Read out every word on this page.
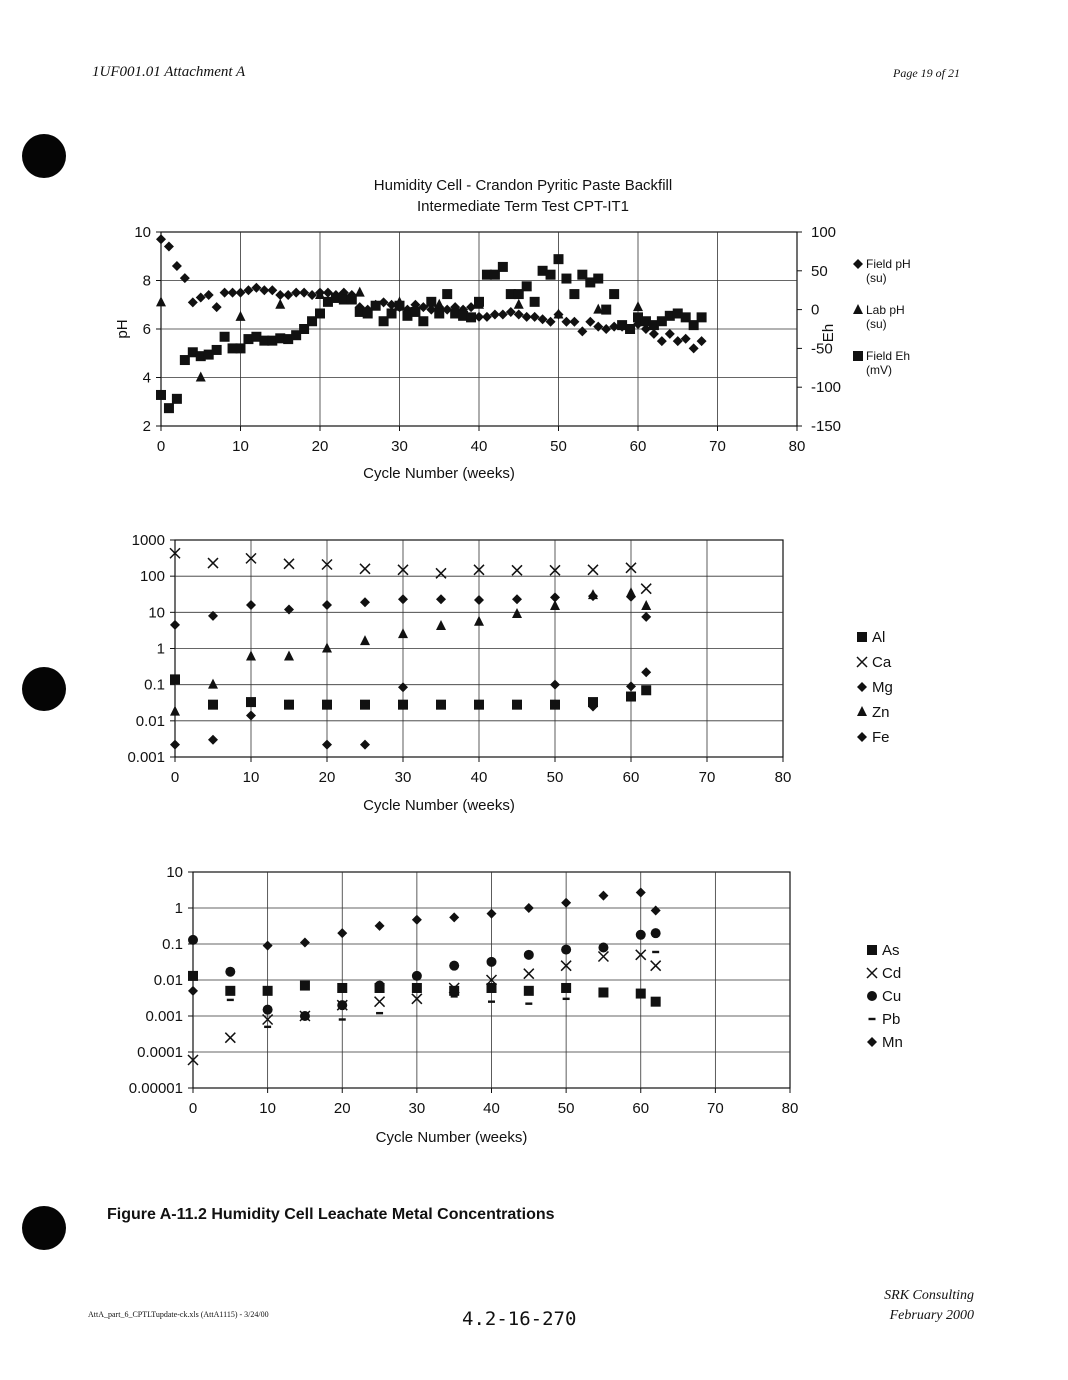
1UF001.01 Attachment A	Page 19 of 21
0	10	20	30	40	50	60	70	80
2
4
6
8
10
-150
-100
-50
0
50
100
Humidity Cell - Crandon Pyritic Paste Backfill
Intermediate Term Test CPT-IT1
Cycle Number (weeks)
pH	Eh
Field pH
(su)
Lab pH
(su)
Field Eh
(mV)
0	10	20	30	40	50	60	70	80
0.001
0.01
0.1
1
10
100
1000
Cycle Number (weeks)
Al
Ca
Mg
Zn
Fe
0	10	20	30	40	50	60	70	80
0.00001
0.0001
0.001
0.01
0.1
1
10
Cycle Number (weeks)
As
Cd
Cu
Pb
Mn
Figure A-11.2 Humidity Cell Leachate Metal Concentrations
AttA_part_6_CPTLTupdate-ck.xls (AttA1115) - 3/24/00	4.2-16-270
SRK Consulting
February 2000
